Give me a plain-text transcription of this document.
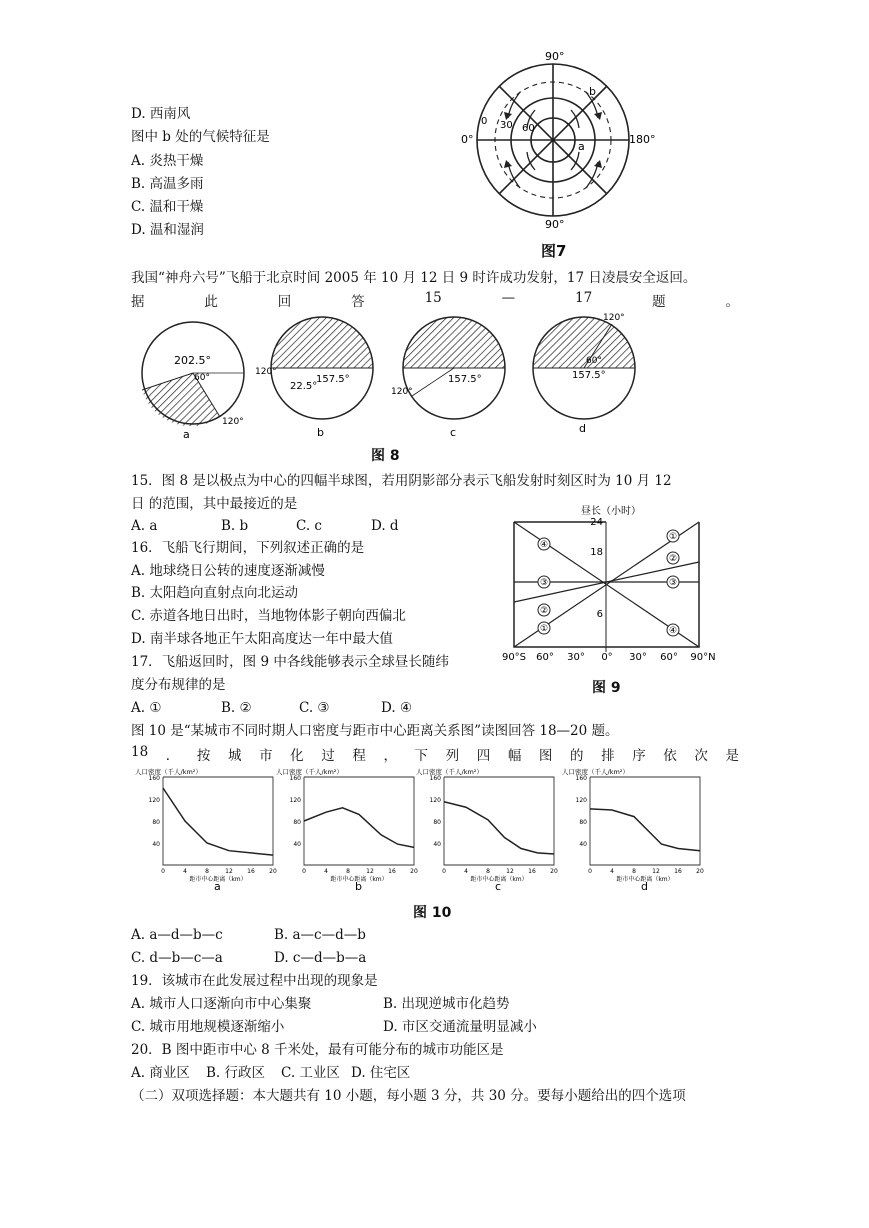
D. 西南风
图中 b 处的气候特征是
A. 炎热干燥
B. 高温多雨
C. 温和干燥
D. 温和湿润
90°
90°
0°	180°
0 30 60
a
b
图7
我国“神舟六号”飞船于北京时间 2005 年 10 月 12 日 9 时许成功发射，17 日凌晨安全返回。
据	此	回	答	15	—	17	题	。
202.5°
60°
120°
120°
22.5°
157.5°
120°
157.5°
120°
60°
157.5°
a	b	c	d
图 8
15．图 8 是以极点为中心的四幅半球图，若用阴影部分表示飞船发射时刻区时为 10 月 12
日 的范围，其中最接近的是
A. a	B. b	C. c	D. d
16．飞船飞行期间，下列叙述正确的是
A. 地球绕日公转的速度逐渐减慢
B. 太阳趋向直射点向北运动
C. 赤道各地日出时，当地物体影子朝向西偏北
D. 南半球各地正午太阳高度达一年中最大值
17．飞船返回时，图 9 中各线能够表示全球昼长随纬
度分布规律的是
A. ①	B. ②	C. ③	D. ④
④
③
②
①
①
②
③
④
昼长（小时）
24
18
6
90°S 60° 30° 0° 30° 60° 90°N
图 9
图 10 是“某城市不同时期人口密度与距市中心距离关系图”读图回答 18—20 题。
18 ． 按 城 市 化 过 程 ， 下 列 四 幅 图 的 排 序 依 次 是
160
120
80
40
0	4	8	12 16 20
人口密度（千人/km²）
距市中心距离（km）
a
160
120
80
40
0	4	8	12 16 20
人口密度（千人/km²）
距市中心距离（km）
b
160
120
80
40
0	4	8	12 16 20
人口密度（千人/km²）
距市中心距离（km）
c
160
120
80
40
0	4	8	12 16 20
人口密度（千人/km²）
距市中心距离（km）
d
图 10
A. a—d—b—c	B. a—c—d—b
C. d—b—c—a	D. c—d—b—a
19．该城市在此发展过程中出现的现象是
A. 城市人口逐渐向市中心集聚	B. 出现逆城市化趋势
C. 城市用地规模逐渐缩小	D. 市区交通流量明显减小
20．B 图中距市中心 8 千米处，最有可能分布的城市功能区是
A. 商业区 B. 行政区 C. 工业区 D. 住宅区
（二）双项选择题：本大题共有 10 小题，每小题 3 分，共 30 分。要每小题给出的四个选项
